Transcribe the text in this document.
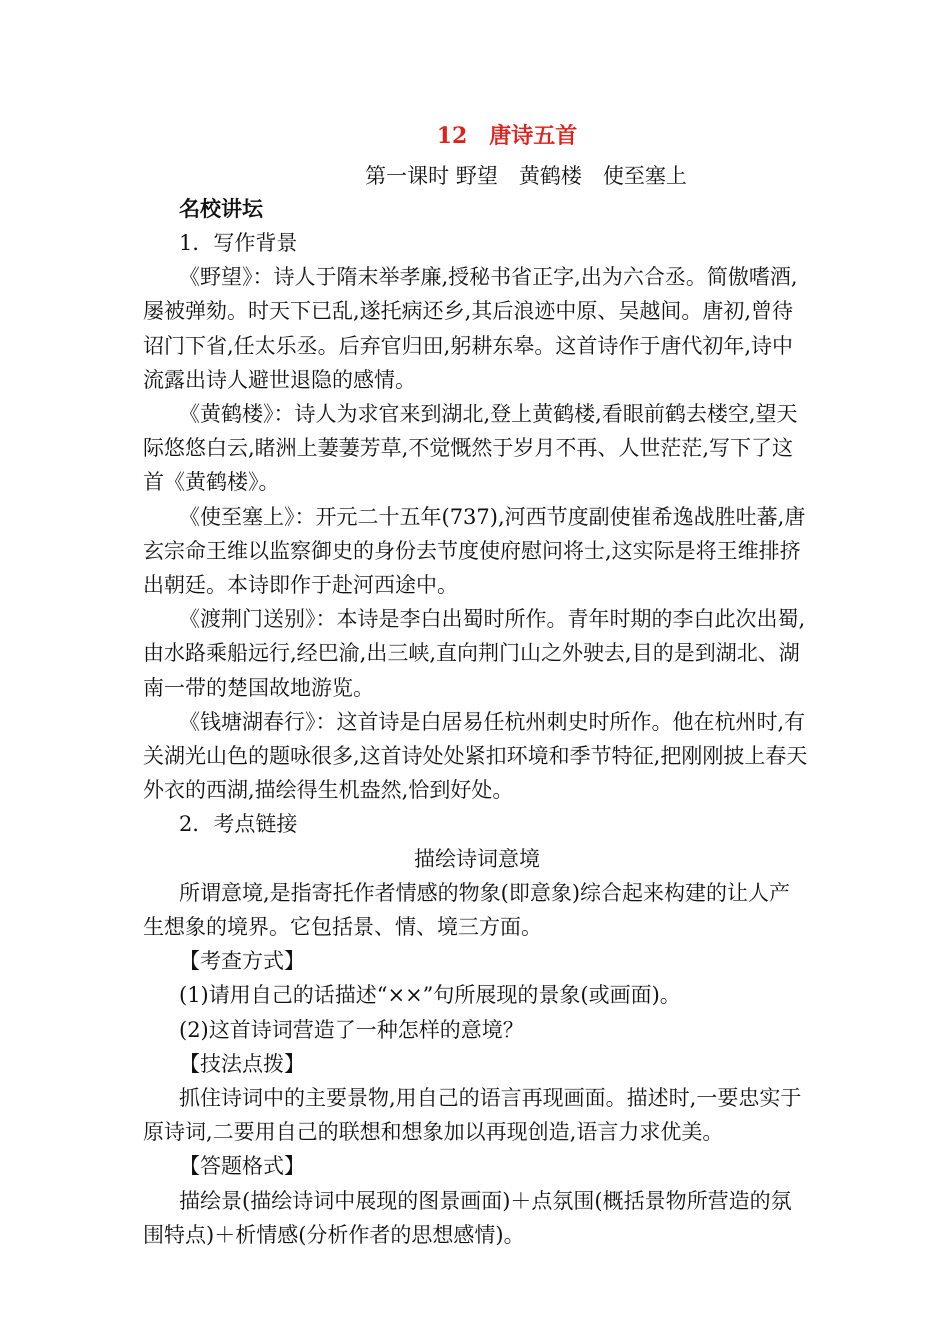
12　唐诗五首
第一课时 野望　黄鹤楼　使至塞上
名校讲坛

1．写作背景

《野望》：诗人于隋末举孝廉,授秘书省正字,出为六合丞。简傲嗜酒,屡被弹劾。时天下已乱,遂托病还乡,其后浪迹中原、吴越间。唐初,曾待诏门下省,任太乐丞。后弃官归田,躬耕东皋。这首诗作于唐代初年,诗中流露出诗人避世退隐的感情。

《黄鹤楼》：诗人为求官来到湖北,登上黄鹤楼,看眼前鹤去楼空,望天际悠悠白云,睹洲上萋萋芳草,不觉慨然于岁月不再、人世茫茫,写下了这首《黄鹤楼》。

《使至塞上》：开元二十五年(737),河西节度副使崔希逸战胜吐蕃,唐玄宗命王维以监察御史的身份去节度使府慰问将士,这实际是将王维排挤出朝廷。本诗即作于赴河西途中。

《渡荆门送别》：本诗是李白出蜀时所作。青年时期的李白此次出蜀,由水路乘船远行,经巴渝,出三峡,直向荆门山之外驶去,目的是到湖北、湖南一带的楚国故地游览。

《钱塘湖春行》：这首诗是白居易任杭州刺史时所作。他在杭州时,有关湖光山色的题咏很多,这首诗处处紧扣环境和季节特征,把刚刚披上春天外衣的西湖,描绘得生机盎然,恰到好处。

2．考点链接

描绘诗词意境

所谓意境,是指寄托作者情感的物象(即意象)综合起来构建的让人产生想象的境界。它包括景、情、境三方面。

【考查方式】

(1)请用自己的话描述“××”句所展现的景象(或画面)。

(2)这首诗词营造了一种怎样的意境？

【技法点拨】

抓住诗词中的主要景物,用自己的语言再现画面。描述时,一要忠实于原诗词,二要用自己的联想和想象加以再现创造,语言力求优美。

【答题格式】

描绘景(描绘诗词中展现的图景画面)＋点氛围(概括景物所营造的氛围特点)＋析情感(分析作者的思想感情)。
